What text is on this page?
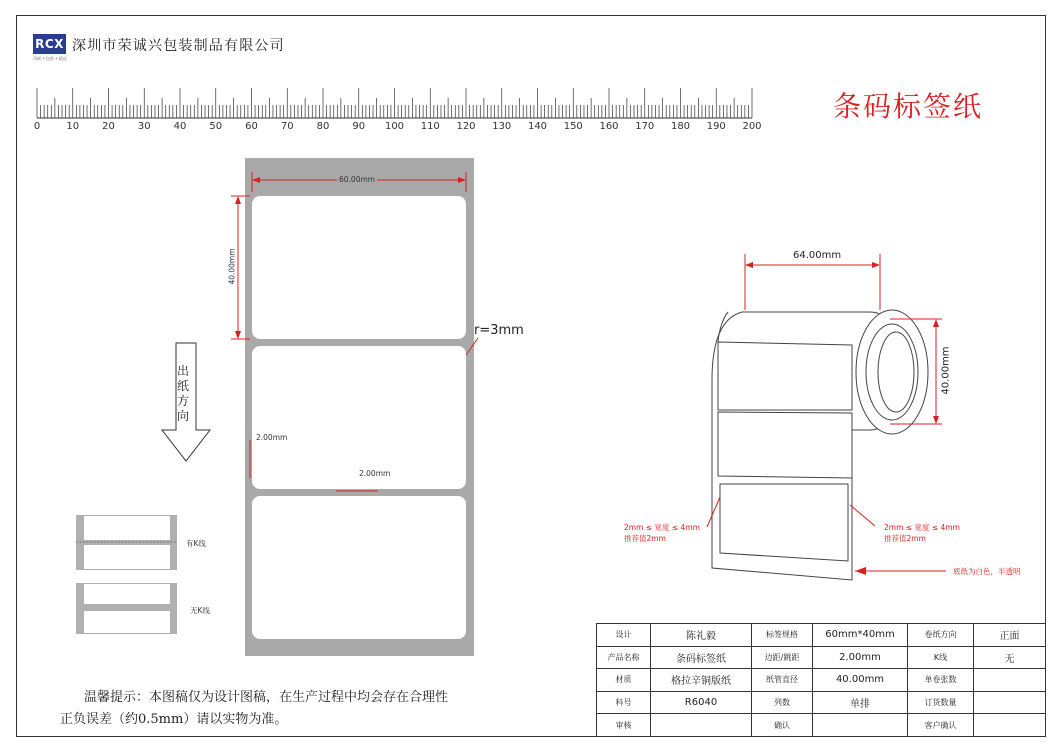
RCX
印刷 • 包装 • 精品
深圳市荣诚兴包装制品有限公司
条码标签纸
0	10 20 30 40 50 60 70 80 90 100 110 120 130 140 150 160 170 180 190 200
60.00mm
40.00mm
r=3mm
2.00mm
2.00mm
出
纸
方
向
有K线
无K线
64.00mm
40.00mm
2mm ≤ 宽度 ≤ 4mm
推荐值2mm
2mm ≤ 宽度 ≤ 4mm
推荐值2mm
底纸为白色，半透明
温馨提示：本图稿仅为设计图稿，在生产过程中均会存在合理性
正负误差（约0.5mm）请以实物为准。
设计	陈礼毅	标签规格	60mm*40mm	卷纸方向	正面
产品名称	条码标签纸	边距/跳距	2.00mm	K线	无
材质	格拉辛铜版纸	纸管直径	40.00mm	单卷张数	
料号	R6040	列数	单排	订货数量	
审核		确认		客户确认	
